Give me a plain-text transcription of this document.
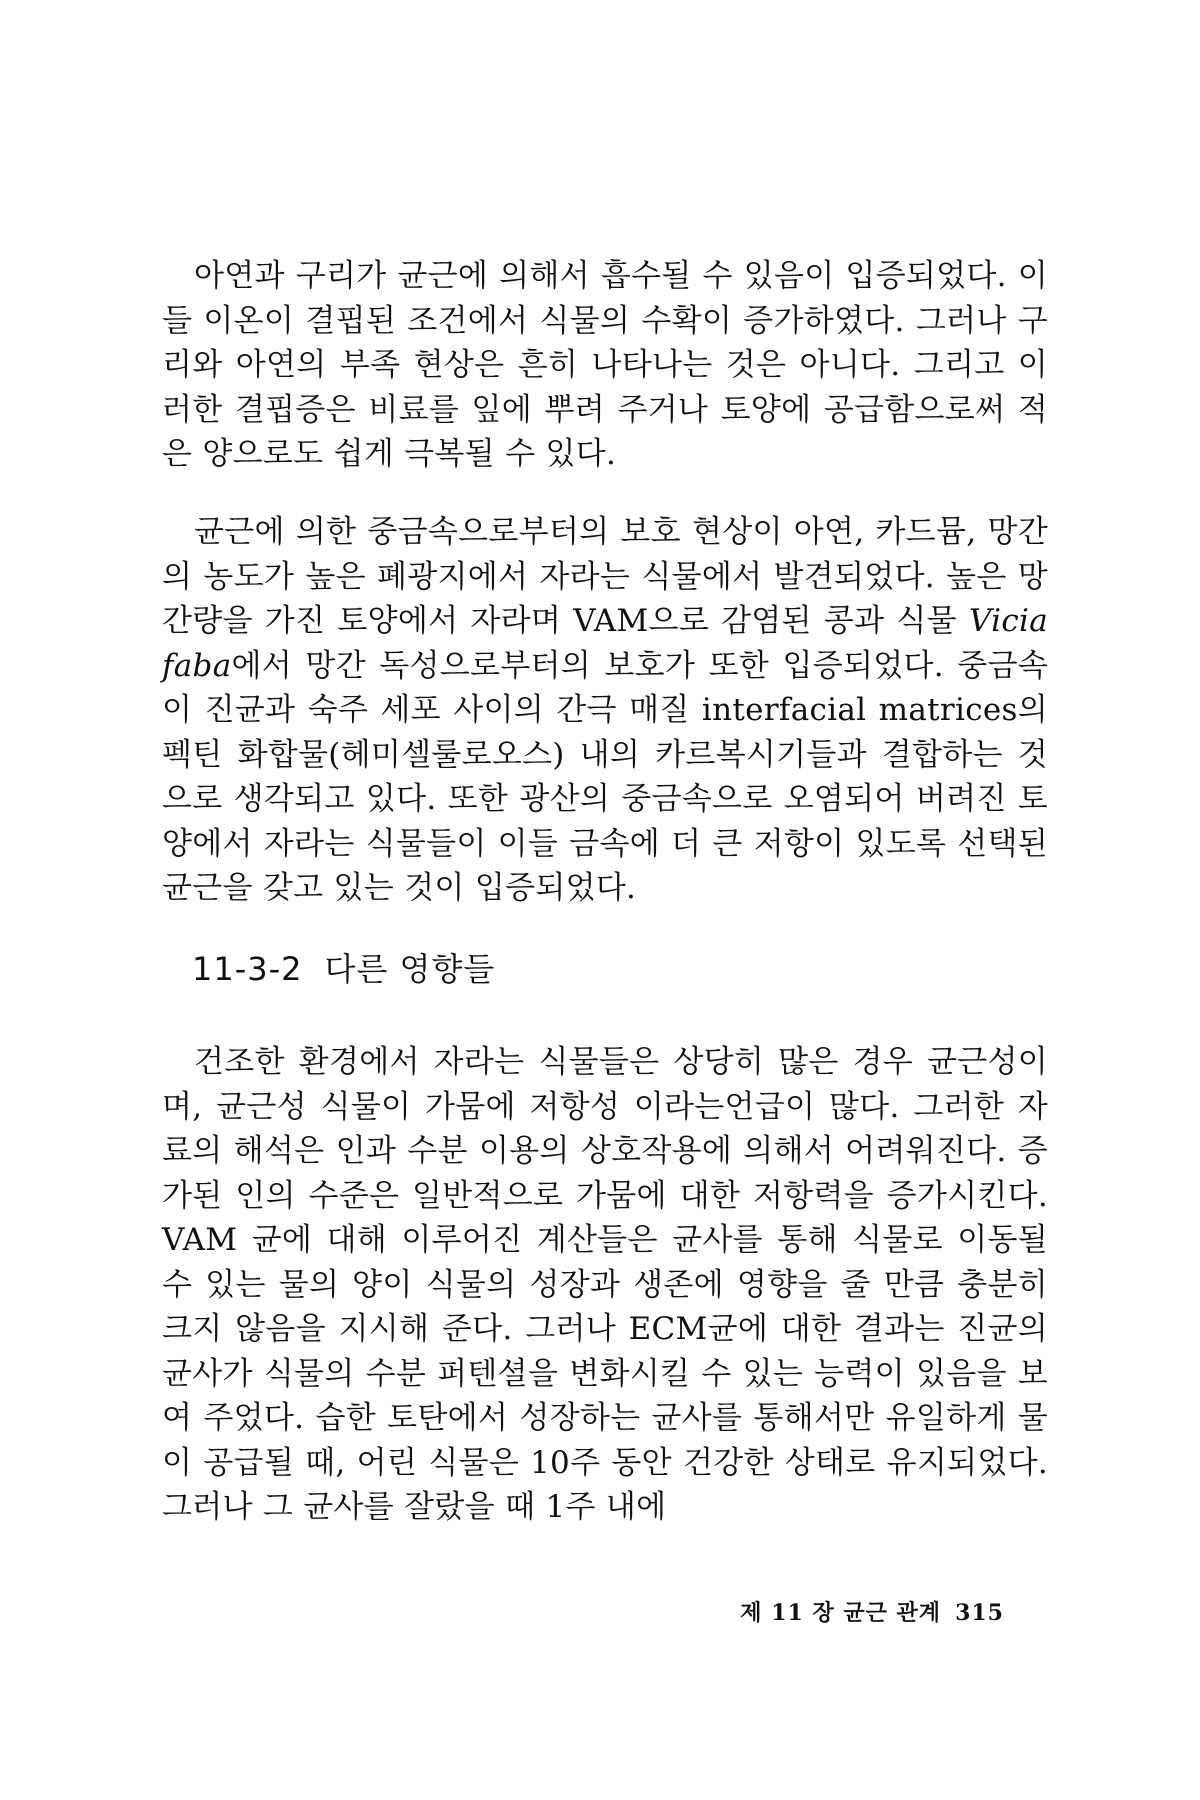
아연과 구리가 균근에 의해서 흡수될 수 있음이 입증되었다. 이들 이온이 결핍된 조건에서 식물의 수확이 증가하였다. 그러나 구리와 아연의 부족 현상은 흔히 나타나는 것은 아니다. 그리고 이러한 결핍증은 비료를 잎에 뿌려 주거나 토양에 공급함으로써 적은 양으로도 쉽게 극복될 수 있다.

균근에 의한 중금속으로부터의 보호 현상이 아연, 카드뮴, 망간의 농도가 높은 폐광지에서 자라는 식물에서 발견되었다. 높은 망간량을 가진 토양에서 자라며 VAM으로 감염된 콩과 식물 Vicia faba에서 망간 독성으로부터의 보호가 또한 입증되었다. 중금속이 진균과 숙주 세포 사이의 간극 매질 interfacial matrices의 펙틴 화합물(헤미셀룰로오스) 내의 카르복시기들과 결합하는 것으로 생각되고 있다. 또한 광산의 중금속으로 오염되어 버려진 토양에서 자라는 식물들이 이들 금속에 더 큰 저항이 있도록 선택된 균근을 갖고 있는 것이 입증되었다.

11-3-2 다른 영향들

건조한 환경에서 자라는 식물들은 상당히 많은 경우 균근성이며, 균근성 식물이 가뭄에 저항성 이라는언급이 많다. 그러한 자료의 해석은 인과 수분 이용의 상호작용에 의해서 어려워진다. 증가된 인의 수준은 일반적으로 가뭄에 대한 저항력을 증가시킨다. VAM 균에 대해 이루어진 계산들은 균사를 통해 식물로 이동될 수 있는 물의 양이 식물의 성장과 생존에 영향을 줄 만큼 충분히 크지 않음을 지시해 준다. 그러나 ECM균에 대한 결과는 진균의 균사가 식물의 수분 퍼텐셜을 변화시킬 수 있는 능력이 있음을 보여 주었다. 습한 토탄에서 성장하는 균사를 통해서만 유일하게 물이 공급될 때, 어린 식물은 10주 동안 건강한 상태로 유지되었다. 그러나 그 균사를 잘랐을 때 1주 내에

제 11 장 균근 관계 315
